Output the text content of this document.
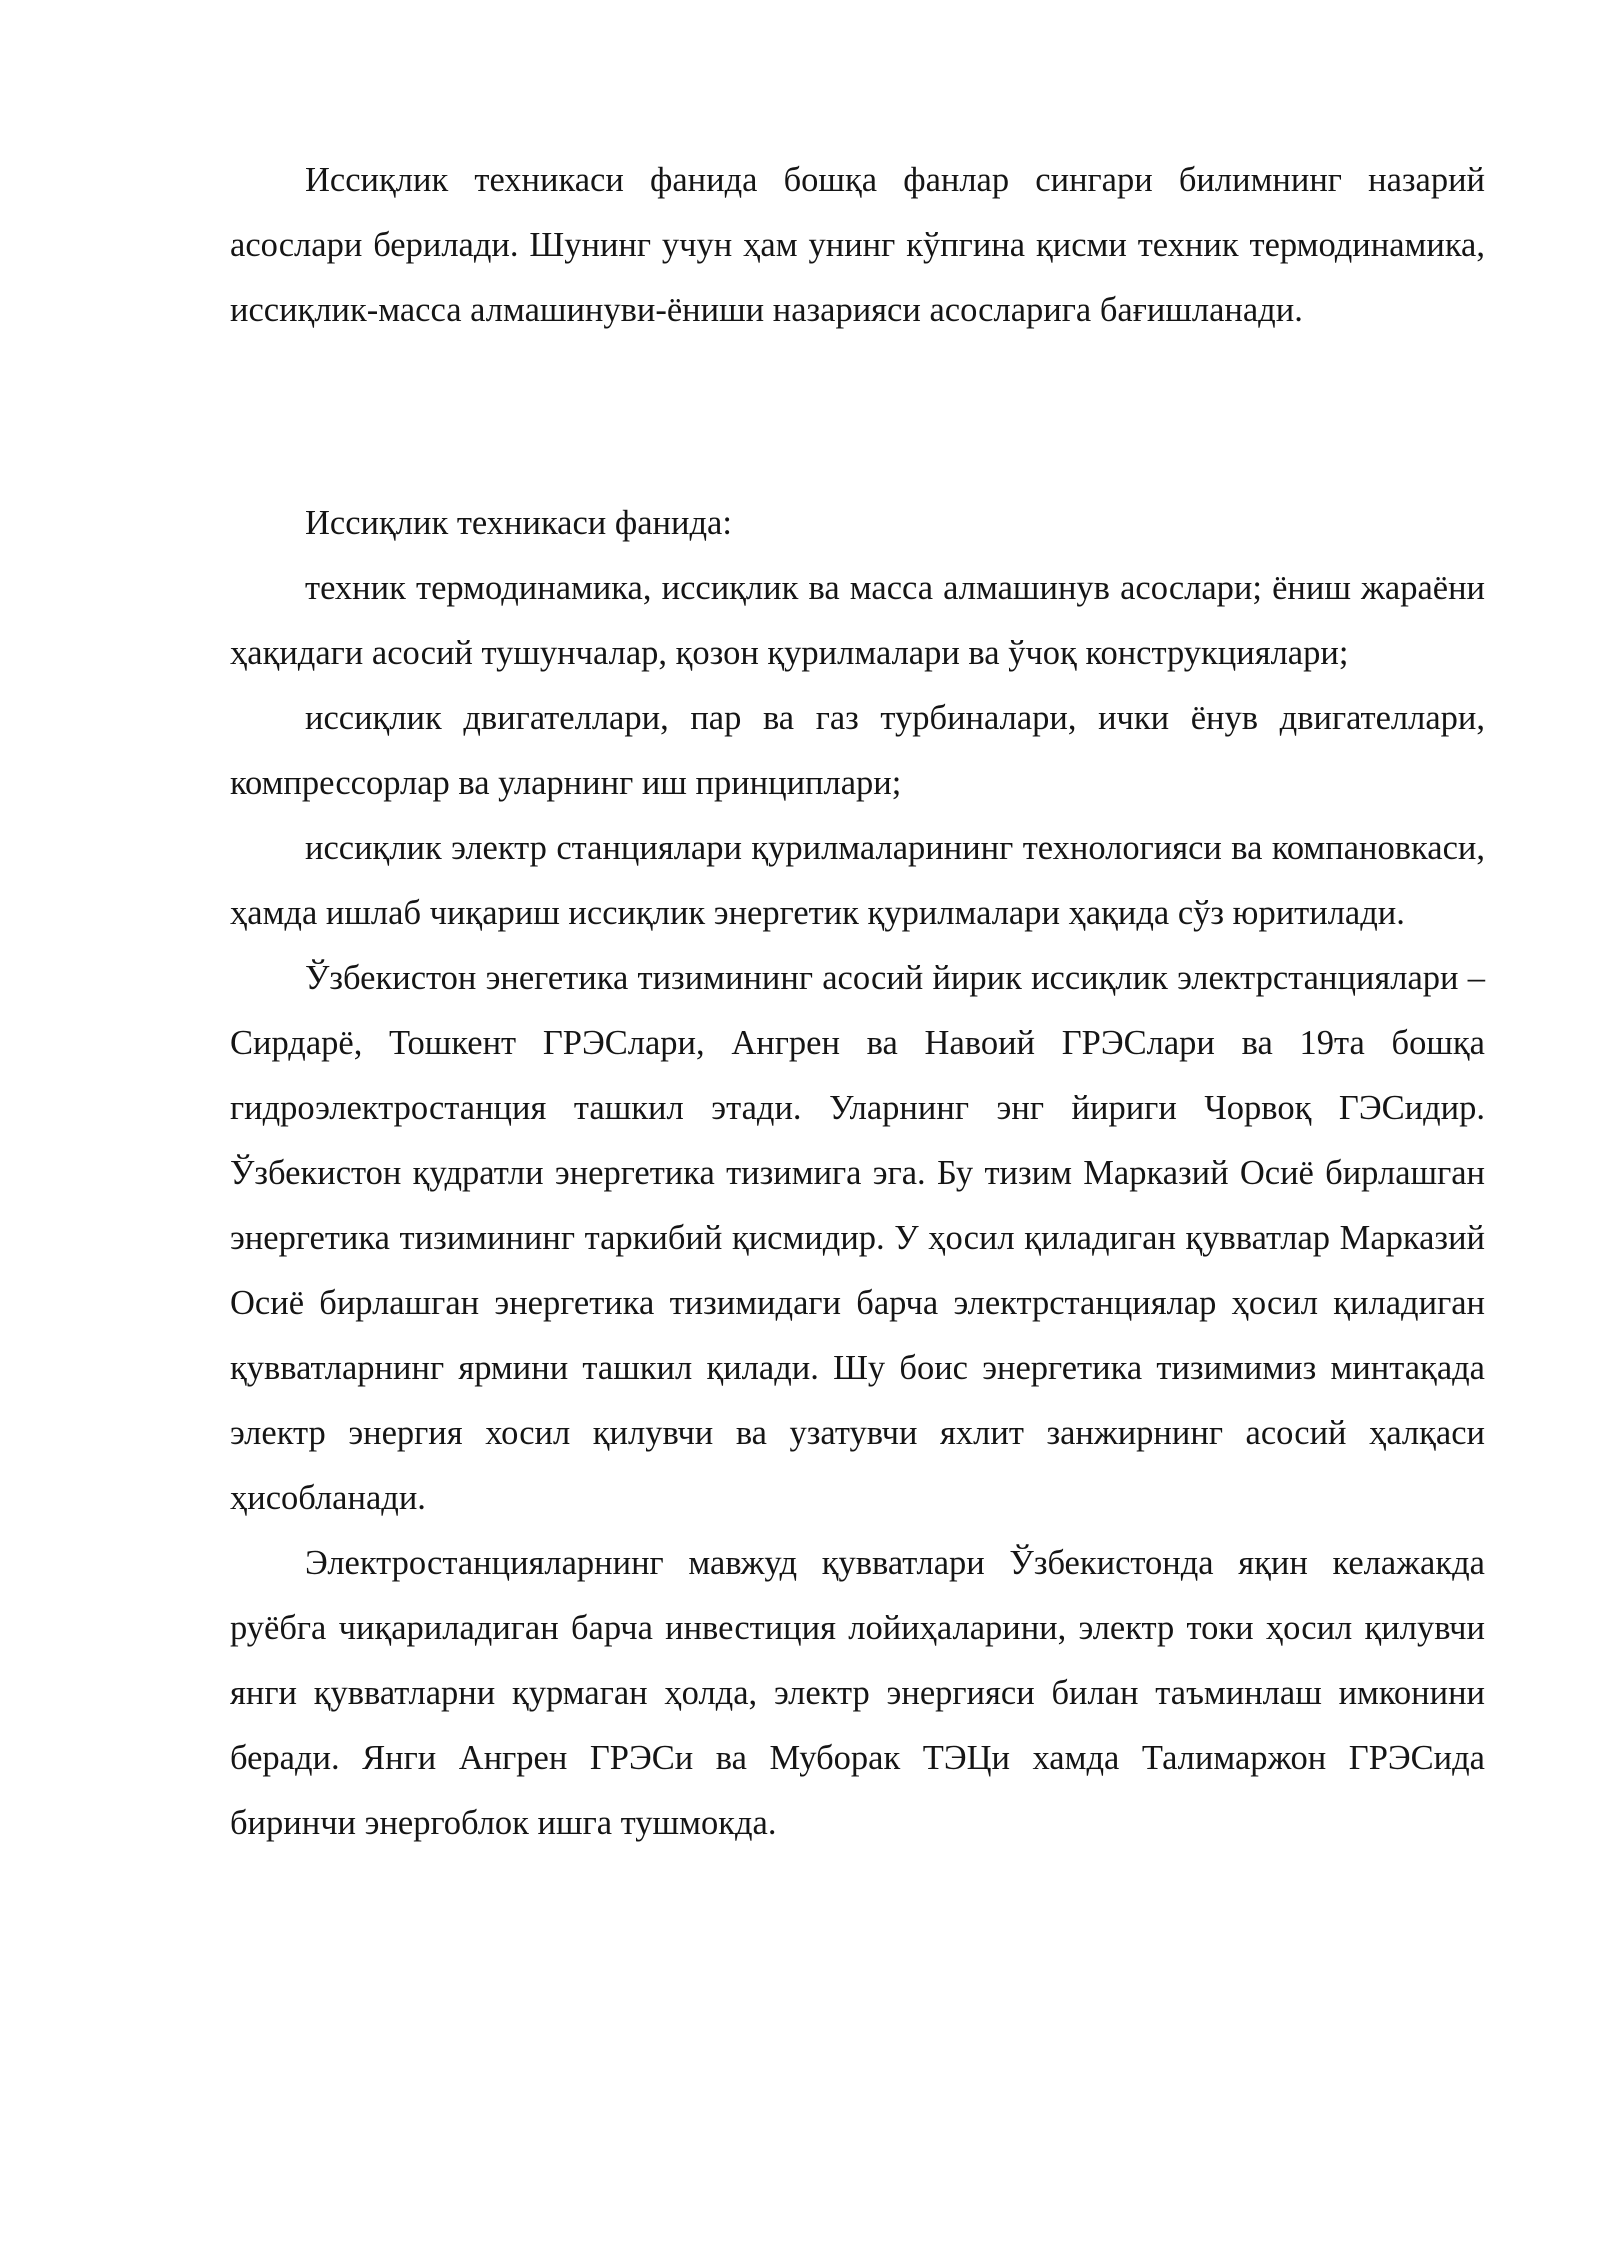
Иссиқлик техникаси фанида бошқа фанлар сингари билимнинг назарий асослари берилади. Шунинг учун ҳам унинг кўпгина қисми техник термодинамика, иссиқлик-масса алмашинуви-ёниши назарияси асосларига бағишланади.

Иссиқлик техникаси фанида:

техник термодинамика, иссиқлик ва масса алмашинув асослари; ёниш жараёни ҳақидаги асосий тушунчалар, қозон қурилмалари ва ўчоқ конструкциялари;

иссиқлик двигателлари, пар ва газ турбиналари, ички ёнув двигателлари, компрессорлар ва уларнинг иш принциплари;

иссиқлик электр станциялари қурилмаларининг технологияси ва компановкаси, ҳамда ишлаб чиқариш иссиқлик энергетик қурилмалари ҳақида сўз юритилади.

Ўзбекистон энегетика тизимининг асосий йирик иссиқлик электрстанциялари – Сирдарё, Тошкент ГРЭСлари, Ангрен ва Навоий ГРЭСлари ва 19та бошқа гидроэлектростанция ташкил этади. Уларнинг энг йириги Чорвоқ ГЭСидир. Ўзбекистон қудратли энергетика тизимига эга. Бу тизим Марказий Осиё бирлашган энергетика тизимининг таркибий қисмидир. У ҳосил қиладиган қувватлар Марказий Осиё бирлашган энергетика тизимидаги барча электрстанциялар ҳосил қиладиган қувватларнинг ярмини ташкил қилади. Шу боис энергетика тизимимиз минтақада электр энергия хосил қилувчи ва узатувчи яхлит занжирнинг асосий ҳалқаси ҳисобланади.

Электростанцияларнинг мавжуд қувватлари Ўзбекистонда яқин келажакда руёбга чиқариладиган барча инвестиция лойиҳаларини, электр токи ҳосил қилувчи янги қувватларни қурмаган ҳолда, электр энергияси билан таъминлаш имконини беради. Янги Ангрен ГРЭСи ва Муборак ТЭЦи хамда Талимаржон ГРЭСида биринчи энергоблок ишга тушмокда.
